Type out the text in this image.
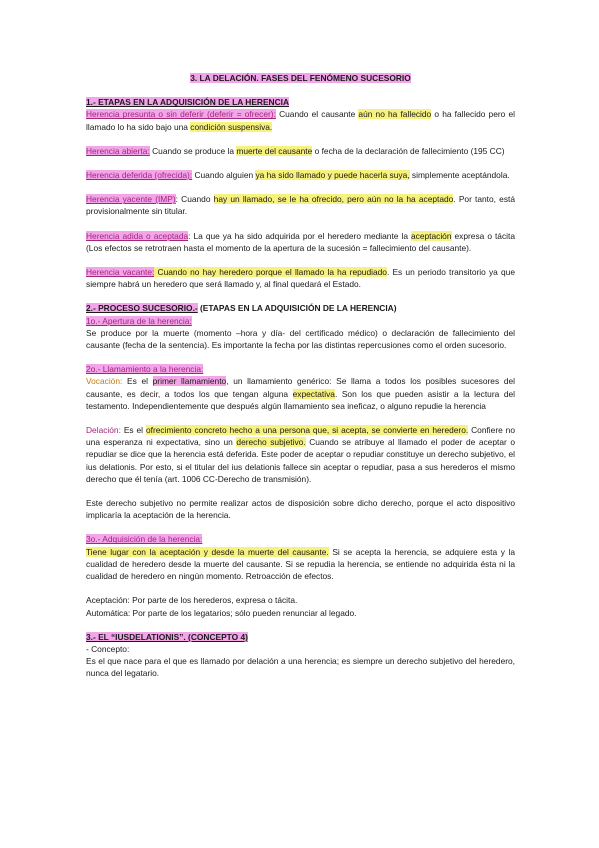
3. LA DELACIÓN. FASES DEL FENÓMENO SUCESORIO

1.- ETAPAS EN LA ADQUISICIÓN DE LA HERENCIA

Herencia presunta o sin deferir (deferir = ofrecer): Cuando el causante aún no ha fallecido o ha fallecido pero el llamado lo ha sido bajo una condición suspensiva.

Herencia abierta: Cuando se produce la muerte del causante o fecha de la declaración de fallecimiento (195 CC)

Herencia deferida (ofrecida): Cuando alguien ya ha sido llamado y puede hacerla suya, simplemente aceptándola.

Herencia yacente (IMP): Cuando hay un llamado, se le ha ofrecido, pero aún no la ha aceptado. Por tanto, está provisionalmente sin titular.

Herencia adida o aceptada: La que ya ha sido adquirida por el heredero mediante la aceptación expresa o tácita (Los efectos se retrotraen hasta el momento de la apertura de la sucesión = fallecimiento del causante).

Herencia vacante: Cuando no hay heredero porque el llamado la ha repudiado. Es un periodo transitorio ya que siempre habrá un heredero que será llamado y, al final quedará el Estado.

2.- PROCESO SUCESORIO.- (ETAPAS EN LA ADQUISICIÓN DE LA HERENCIA)

1o.- Apertura de la herencia:

Se produce por la muerte (momento –hora y día- del certificado médico) o declaración de fallecimiento del causante (fecha de la sentencia). Es importante la fecha por las distintas repercusiones como el orden sucesorio.

2o.- Llamamiento a la herencia:

Vocación: Es el primer llamamiento, un llamamiento genérico: Se llama a todos los posibles sucesores del causante, es decir, a todos los que tengan alguna expectativa. Son los que pueden asistir a la lectura del testamento. Independientemente que después algún llamamiento sea ineficaz, o alguno repudie la herencia

Delación: Es el ofrecimiento concreto hecho a una persona que, si acepta, se convierte en heredero. Confiere no una esperanza ni expectativa, sino un derecho subjetivo. Cuando se atribuye al llamado el poder de aceptar o repudiar se dice que la herencia está deferida. Este poder de aceptar o repudiar constituye un derecho subjetivo, el ius delationis. Por esto, si el titular del ius delationis fallece sin aceptar o repudiar, pasa a sus herederos el mismo derecho que él tenía (art. 1006 CC-Derecho de transmisión).

Este derecho subjetivo no permite realizar actos de disposición sobre dicho derecho, porque el acto dispositivo implicaría la aceptación de la herencia.

3o.- Adquisición de la herencia:

Tiene lugar con la aceptación y desde la muerte del causante. Si se acepta la herencia, se adquiere esta y la cualidad de heredero desde la muerte del causante. Si se repudia la herencia, se entiende no adquirida ésta ni la cualidad de heredero en ningún momento. Retroacción de efectos.

Aceptación: Por parte de los herederos, expresa o tácita.

Automática: Por parte de los legatarios; sólo pueden renunciar al legado.

3.- EL “IUSDELATIONIS”. (CONCEPTO 4)

- Concepto:

Es el que nace para el que es llamado por delación a una herencia; es siempre un derecho subjetivo del heredero, nunca del legatario.
